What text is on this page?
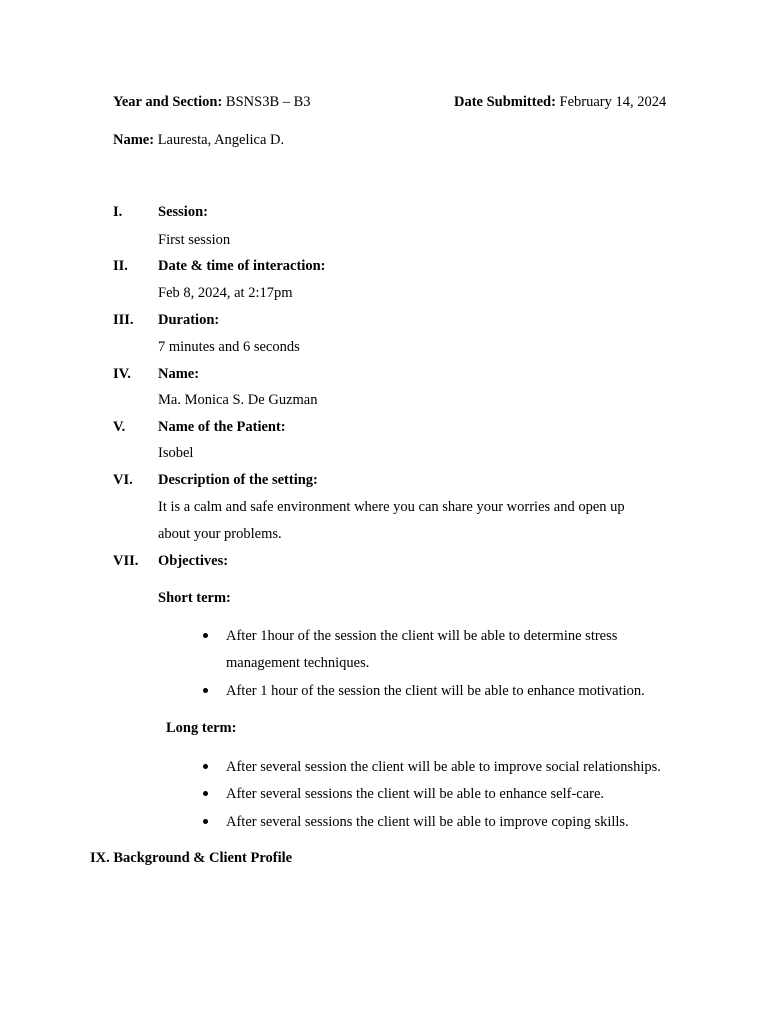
Year and Section: BSNS3B – B3	Date Submitted: February 14, 2024
Name: Lauresta, Angelica D.
I. Session:
First session
II. Date & time of interaction:
Feb 8, 2024, at 2:17pm
III. Duration:
7 minutes and 6 seconds
IV. Name:
Ma. Monica S. De Guzman
V. Name of the Patient:
Isobel
VI. Description of the setting:
It is a calm and safe environment where you can share your worries and open up
about your problems.
VII. Objectives:
Short term:
After 1hour of the session the client will be able to determine stress
management techniques.
After 1 hour of the session the client will be able to enhance motivation.
Long term:
After several session the client will be able to improve social relationships.
After several sessions the client will be able to enhance self-care.
After several sessions the client will be able to improve coping skills.
IX. Background & Client Profile
